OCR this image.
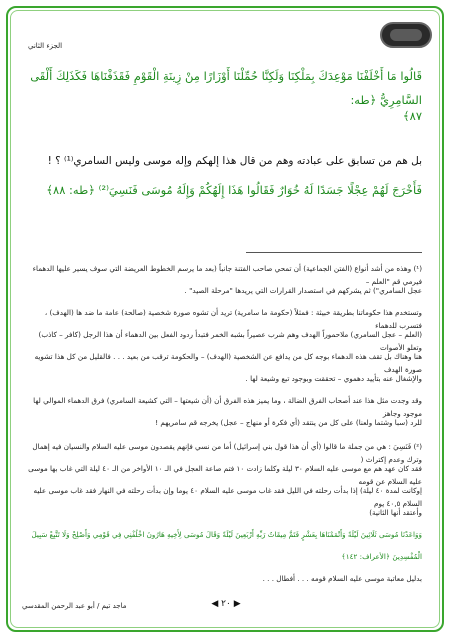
الجزء الثاني
قَالُوا مَا أَخْلَفْنَا مَوْعِدَكَ بِمَلْكِنَا وَلَكِنَّا حُمِّلْنَا أَوْزَارًا مِنْ زِينَةِ الْقَوْمِ فَقَذَفْنَاهَا فَكَذَلِكَ أَلْقَى السَّامِرِيُّ ﴿طه:
٨٧﴾
بل هم من تسابق على عبادته وهم من قال هذا إلهكم وإله موسى وليس السامري⁽¹⁾ ؟ !
فَأَخْرَجَ لَهُمْ عِجْلًا جَسَدًا لَهُ خُوَارٌ فَقَالُوا هَذَا إِلَهُكُمْ وَإِلَهُ مُوسَى فَنَسِيَ⁽²⁾ ﴿طه: ٨٨﴾
(¹) وهذه من أشد أنواع (الفتن الجماعية) أن تمحي صاحب الفتنة جانباً (بعد ما يرسم الخطوط العريضة التي سوف يسير عليها الدهماء فيرمي قم "العلم –
عجل السامري") ثم يشركهم في استصدار القرارات التي يريدها "مرحلة الصيد" .
وتستخدم هذا حكوماتنا بطريقة خبيثة : فمثلاً (حكومة ما سامرية) تريد أن تشوه صورة شخصية (صالحة) عامة ما ضد ها (الهدف) ، فتسرب للدهماء
(العلم – عجل السامري) ملاحموراً الهدف وهم شرب عصيراً بشبه الخمر فتبدأ ردود الفعل بين الدهماء أن هذا الرجل (كافر – كاذب) وتعلو الأصوات
هنا وهناك بل تقف هذه الدهماء بوجه كل من يدافع عن الشخصية (الهدف) – والحكومة ترقب من بعيد . . . فالقليل من كل هذا تشويه صورة الهدف
والإشغال عنه بتأييد دهموي – تحققت وبوجود تبع وشيعة لها .
وقد وجدت مثل هذا عند أصحاب الفرق الضالة ، وما يميز هذه الفرق أن (أن شيعتها – التي كشيعة السامري) فرق الدهماء الموالي لها موجود وجاهز
للرد (سبا وشتما ولعنا) على كل من ينتقد (أي فكرة أو منهاج – عجل) يخرجه قم سامريهم !
(²) فَنَسِيَ : هي من جملة ما قالوا (أي أن هذا قول بني إسرائيل) أما من نسي فإنهم يقصدون موسى عليه السلام والنسيان فيه إهمال وترك وعدم إكتراث (
فقد كان عهد هم مع موسى عليه السلام ٣٠ ليلة وكلما زادت ١٠ فتم صاعة العجل في الـ ١٠ الأواخر من الـ ٤٠ ليلة التي غاب بها موسى عليه السلام عن قومه
إوكانت لمدة ٤٠ ليلة) إذا بدأت رحلته في الليل فقد غاب موسى عليه السلام ٤٠ يوما وإن بدأت رحلته في النهار فقد غاب موسى عليه السلام ٤٠,٥ يوم
وأعتقد أنها الثانية)
وَوَاعَدْنَا مُوسَى ثَلَاثِينَ لَيْلَةً وَأَتْمَمْنَاهَا بِعَشْرٍ فَتَمَّ مِيقَاتُ رَبِّهِ أَرْبَعِينَ لَيْلَةً وَقَالَ مُوسَى لِأَخِيهِ هَارُونَ اخْلُفْنِي فِي قَوْمِي وَأَصْلِحْ وَلَا تَتَّبِعْ سَبِيلَ
الْمُفْسِدِينَ ﴿الأعراف: ١٤٢﴾
بدليل معاتبة موسى عليه السلام قومه . . . أفطال . . .
◀ ٢٠ ▶
ماجد تيم / أبو عبد الرحمن المقدسي
